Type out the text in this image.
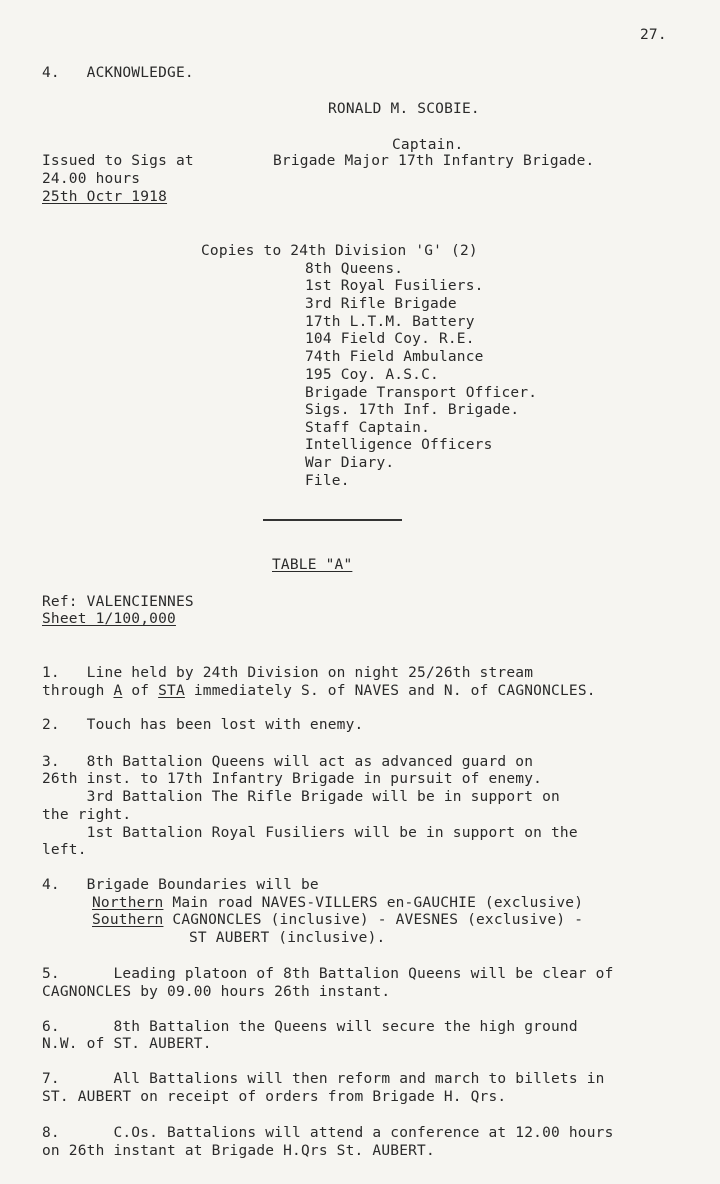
27.
4.   ACKNOWLEDGE.
RONALD M. SCOBIE.
Captain.
Brigade Major 17th Infantry Brigade.
Issued to Sigs at
24.00 hours
25th Octr 1918
Copies to 24th Division 'G' (2)
8th Queens.
1st Royal Fusiliers.
3rd Rifle Brigade
17th L.T.M. Battery
104 Field Coy. R.E.
74th Field Ambulance
195 Coy. A.S.C.
Brigade Transport Officer.
Sigs. 17th Inf. Brigade.
Staff Captain.
Intelligence Officers
War Diary.
File.
TABLE "A"
Ref: VALENCIENNES
Sheet 1/100,000
1.   Line held by 24th Division on night 25/26th stream
through A of STA immediately S. of NAVES and N. of CAGNONCLES.
2.   Touch has been lost with enemy.
3.   8th Battalion Queens will act as advanced guard on
26th inst. to 17th Infantry Brigade in pursuit of enemy.
3rd Battalion The Rifle Brigade will be in support on
the right.
1st Battalion Royal Fusiliers will be in support on the
left.
4.   Brigade Boundaries will be
Northern Main road NAVES-VILLERS en-GAUCHIE (exclusive)
Southern CAGNONCLES (inclusive) - AVESNES (exclusive) -
ST AUBERT (inclusive).
5.      Leading platoon of 8th Battalion Queens will be clear of
CAGNONCLES by 09.00 hours 26th instant.
6.      8th Battalion the Queens will secure the high ground
N.W. of ST. AUBERT.
7.      All Battalions will then reform and march to billets in
ST. AUBERT on receipt of orders from Brigade H. Qrs.
8.      C.Os. Battalions will attend a conference at 12.00 hours
on 26th instant at Brigade H.Qrs St. AUBERT.
